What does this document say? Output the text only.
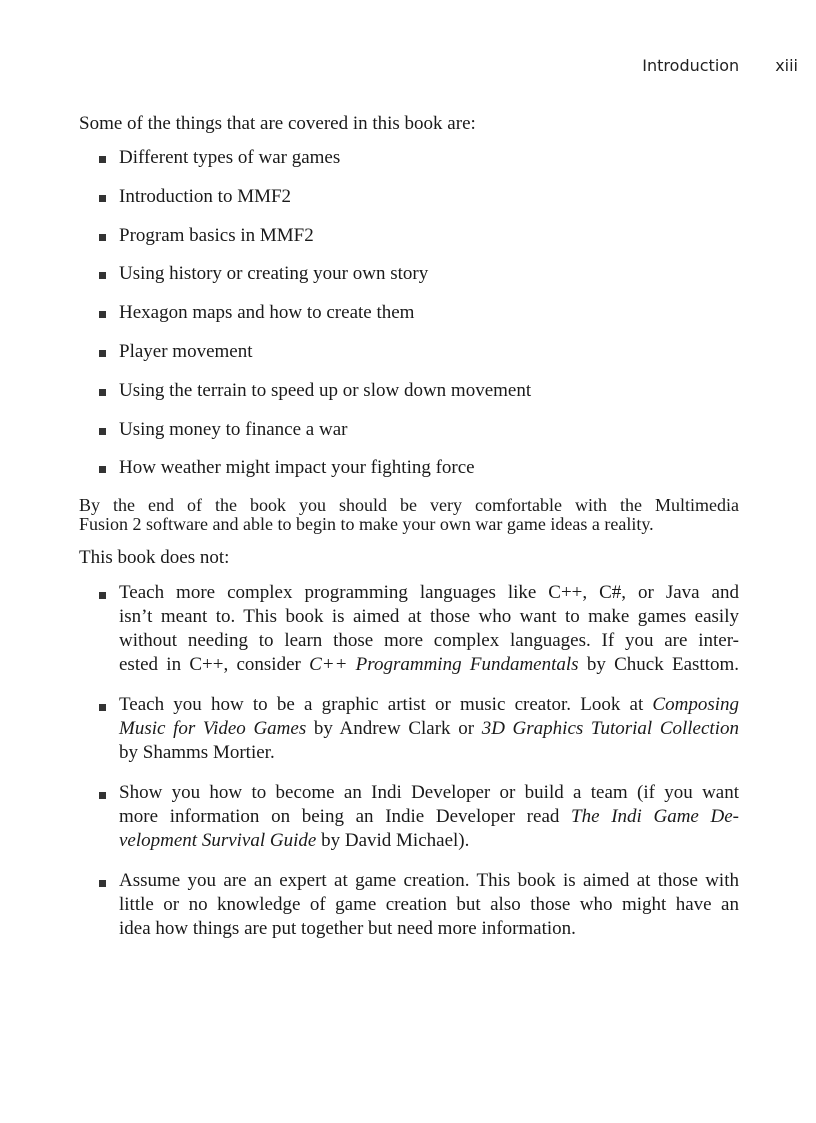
Introduction xiii

Some of the things that are covered in this book are:

Different types of war games
Introduction to MMF2
Program basics in MMF2
Using history or creating your own story
Hexagon maps and how to create them
Player movement
Using the terrain to speed up or slow down movement
Using money to finance a war
How weather might impact your fighting force
By the end of the book you should be very comfortable with the Multimedia
Fusion 2 software and able to begin to make your own war game ideas a reality.

This book does not:

Teach more complex programming languages like C++, C#, or Java and
isn’t meant to. This book is aimed at those who want to make games easily
without needing to learn those more complex languages. If you are inter-
ested in C++, consider C++ Programming Fundamentals by Chuck Easttom.
Teach you how to be a graphic artist or music creator. Look at Composing
Music for Video Games by Andrew Clark or 3D Graphics Tutorial Collection
by Shamms Mortier.
Show you how to become an Indi Developer or build a team (if you want
more information on being an Indie Developer read The Indi Game De-
velopment Survival Guide by David Michael).
Assume you are an expert at game creation. This book is aimed at those with
little or no knowledge of game creation but also those who might have an
idea how things are put together but need more information.
